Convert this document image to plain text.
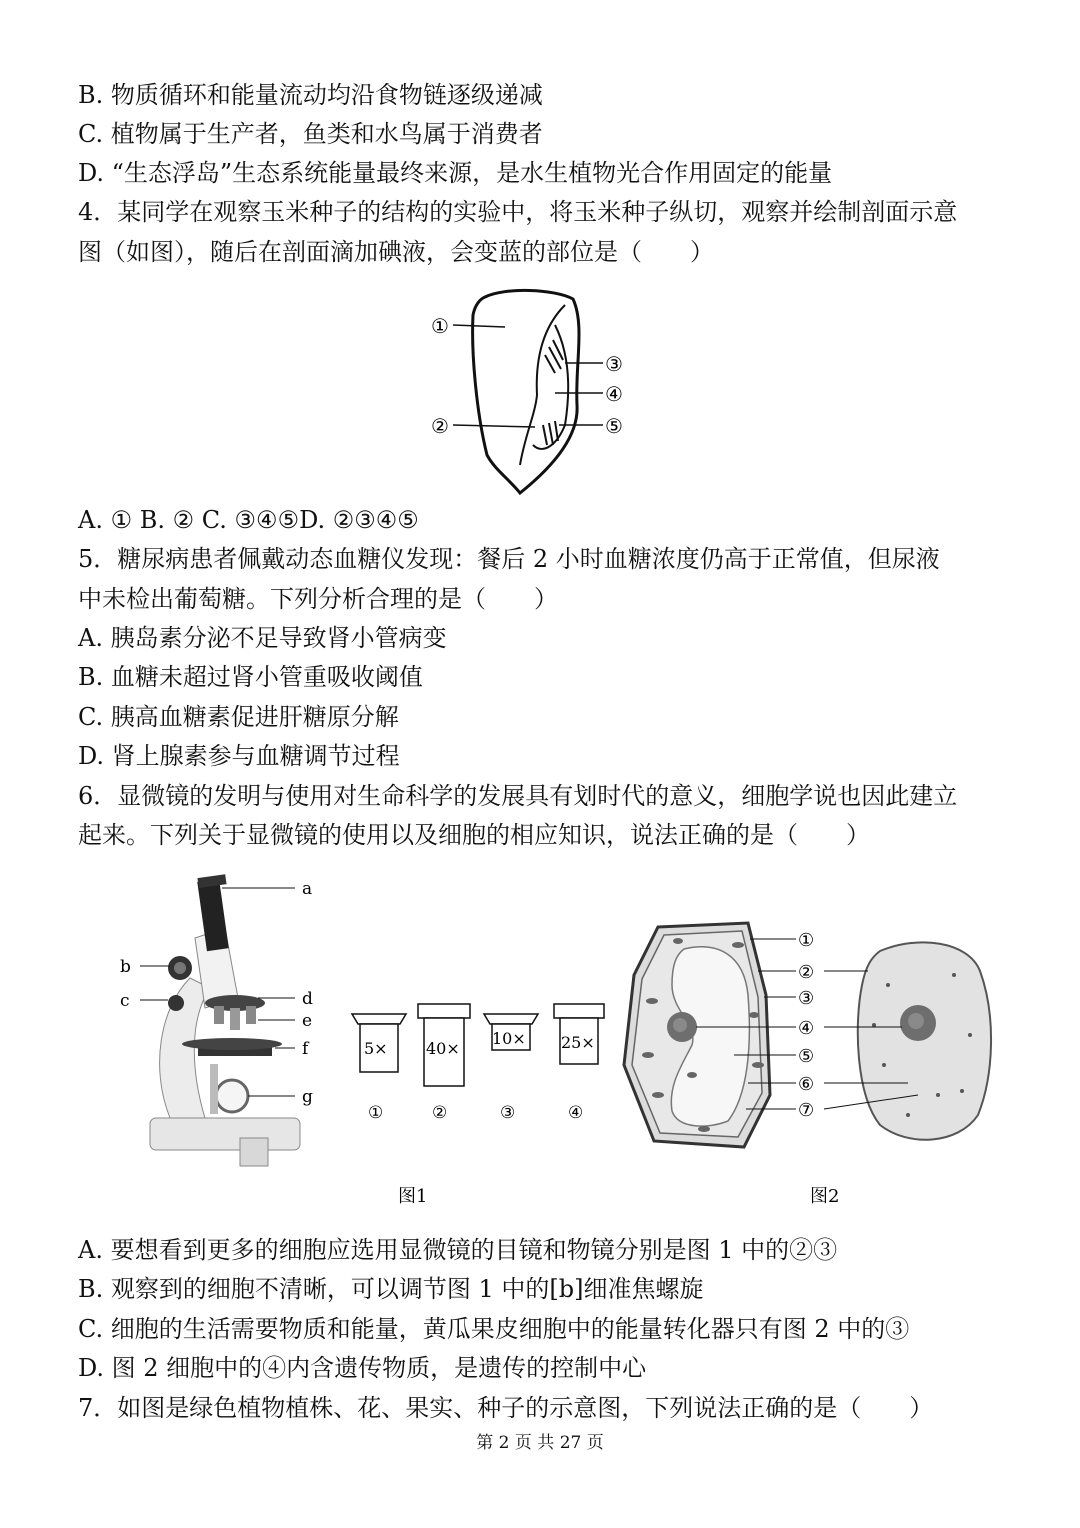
B. 物质循环和能量流动均沿食物链逐级递减
C. 植物属于生产者，鱼类和水鸟属于消费者
D. “生态浮岛”生态系统能量最终来源，是水生植物光合作用固定的能量
4．某同学在观察玉米种子的结构的实验中，将玉米种子纵切，观察并绘制剖面示意
图（如图），随后在剖面滴加碘液，会变蓝的部位是（　　）
①
②
③
④
⑤
A. ① B. ② C. ③④⑤D. ②③④⑤
5．糖尿病患者佩戴动态血糖仪发现：餐后 2 小时血糖浓度仍高于正常值，但尿液
中未检出葡萄糖。下列分析合理的是（　　）
A. 胰岛素分泌不足导致肾小管病变
B. 血糖未超过肾小管重吸收阈值
C. 胰高血糖素促进肝糖原分解
D. 肾上腺素参与血糖调节过程
6．显微镜的发明与使用对生命科学的发展具有划时代的意义，细胞学说也因此建立
起来。下列关于显微镜的使用以及细胞的相应知识，说法正确的是（　　）
a
b
c	d
e
f
g
5×
①
40×
②
10×
③
25×
④
图1
①
②
③
④
⑤
⑥
⑦
图2
A. 要想看到更多的细胞应选用显微镜的目镜和物镜分别是图 1 中的②③
B. 观察到的细胞不清晰，可以调节图 1 中的[b]细准焦螺旋
C. 细胞的生活需要物质和能量，黄瓜果皮细胞中的能量转化器只有图 2 中的③
D. 图 2 细胞中的④内含遗传物质，是遗传的控制中心
7．如图是绿色植物植株、花、果实、种子的示意图，下列说法正确的是（　　）
第 2 页 共 27 页
